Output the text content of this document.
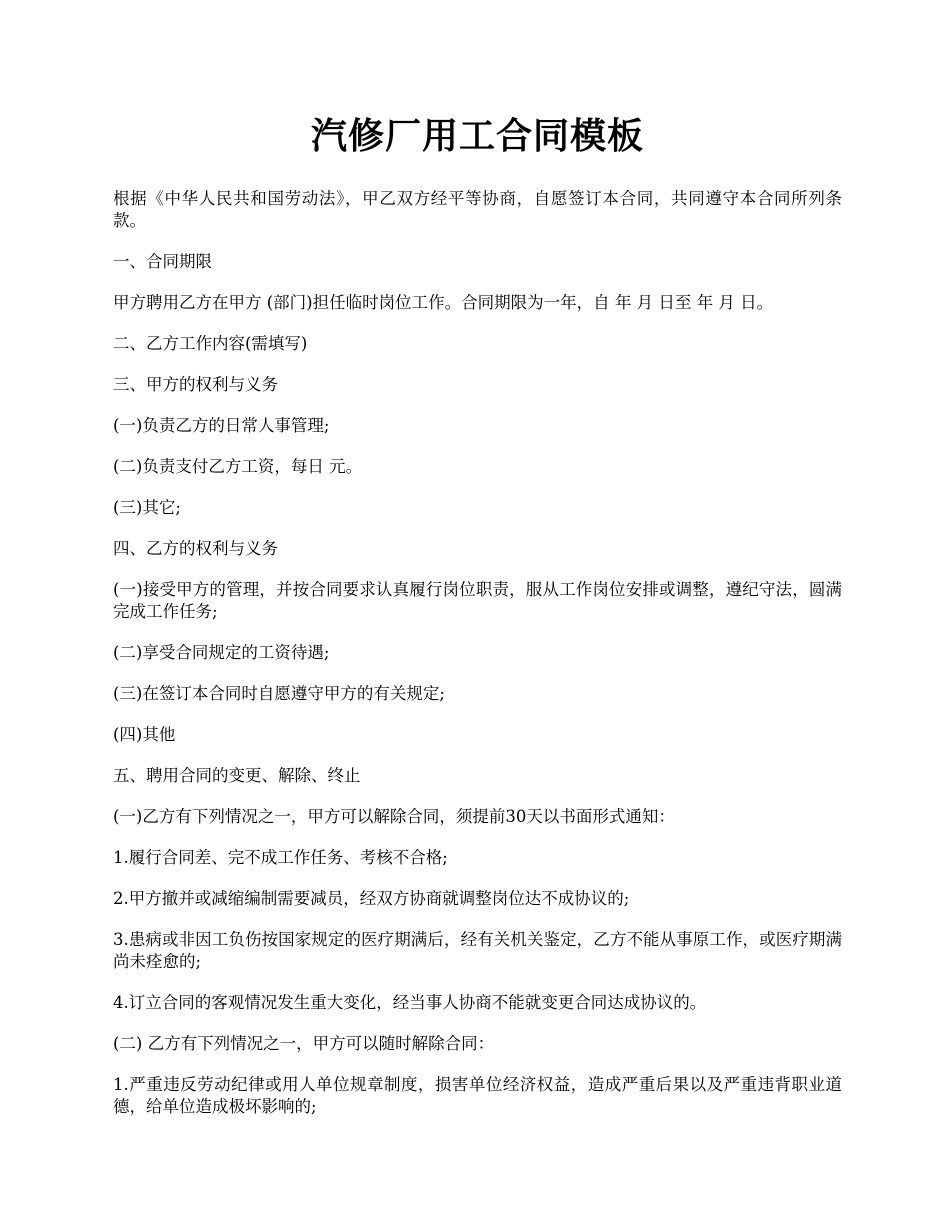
汽修厂用工合同模板

根据《中华人民共和国劳动法》，甲乙双方经平等协商，自愿签订本合同，共同遵守本合同所列条款。

一、合同期限

甲方聘用乙方在甲方 (部门)担任临时岗位工作。合同期限为一年，自 年 月 日至 年 月 日。

二、乙方工作内容(需填写)

三、甲方的权利与义务

(一)负责乙方的日常人事管理;

(二)负责支付乙方工资，每日 元。

(三)其它;

四、乙方的权利与义务

(一)接受甲方的管理，并按合同要求认真履行岗位职责，服从工作岗位安排或调整，遵纪守法，圆满完成工作任务;

(二)享受合同规定的工资待遇;

(三)在签订本合同时自愿遵守甲方的有关规定;

(四)其他

五、聘用合同的变更、解除、终止

(一)乙方有下列情况之一，甲方可以解除合同，须提前30天以书面形式通知：

1.履行合同差、完不成工作任务、考核不合格;

2.甲方撤并或减缩编制需要减员，经双方协商就调整岗位达不成协议的;

3.患病或非因工负伤按国家规定的医疗期满后，经有关机关鉴定，乙方不能从事原工作，或医疗期满尚未痊愈的;

4.订立合同的客观情况发生重大变化，经当事人协商不能就变更合同达成协议的。

(二) 乙方有下列情况之一，甲方可以随时解除合同：

1.严重违反劳动纪律或用人单位规章制度，损害单位经济权益，造成严重后果以及严重违背职业道德，给单位造成极坏影响的;
